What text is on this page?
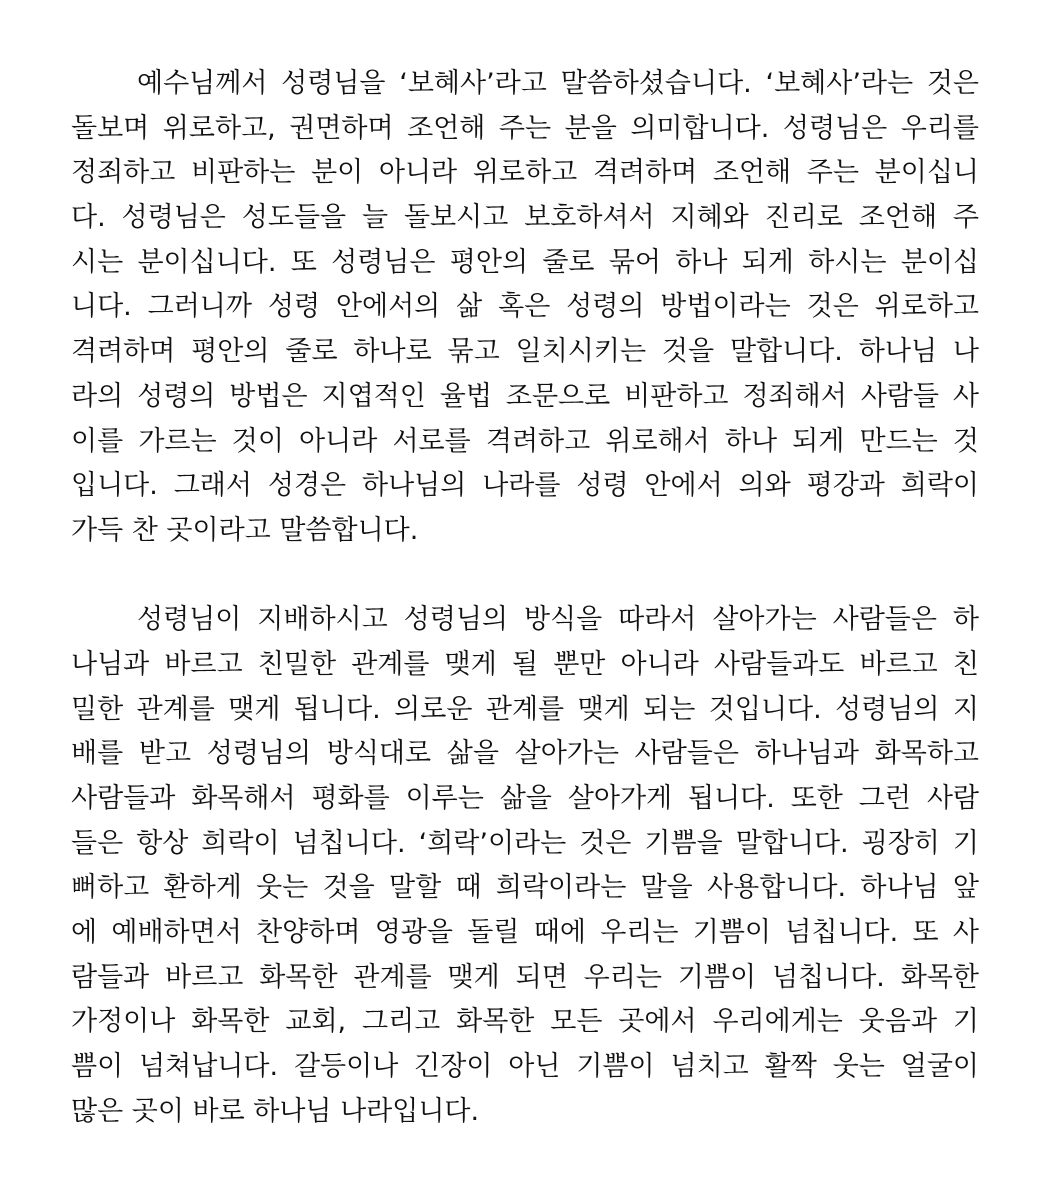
예수님께서 성령님을 ‘보혜사’라고 말씀하셨습니다. ‘보혜사’라는 것은
돌보며 위로하고, 권면하며 조언해 주는 분을 의미합니다. 성령님은 우리를
정죄하고 비판하는 분이 아니라 위로하고 격려하며 조언해 주는 분이십니
다. 성령님은 성도들을 늘 돌보시고 보호하셔서 지혜와 진리로 조언해 주
시는 분이십니다. 또 성령님은 평안의 줄로 묶어 하나 되게 하시는 분이십
니다. 그러니까 성령 안에서의 삶 혹은 성령의 방법이라는 것은 위로하고
격려하며 평안의 줄로 하나로 묶고 일치시키는 것을 말합니다. 하나님 나
라의 성령의 방법은 지엽적인 율법 조문으로 비판하고 정죄해서 사람들 사
이를 가르는 것이 아니라 서로를 격려하고 위로해서 하나 되게 만드는 것
입니다. 그래서 성경은 하나님의 나라를 성령 안에서 의와 평강과 희락이
가득 찬 곳이라고 말씀합니다.
성령님이 지배하시고 성령님의 방식을 따라서 살아가는 사람들은 하
나님과 바르고 친밀한 관계를 맺게 될 뿐만 아니라 사람들과도 바르고 친
밀한 관계를 맺게 됩니다. 의로운 관계를 맺게 되는 것입니다. 성령님의 지
배를 받고 성령님의 방식대로 삶을 살아가는 사람들은 하나님과 화목하고
사람들과 화목해서 평화를 이루는 삶을 살아가게 됩니다. 또한 그런 사람
들은 항상 희락이 넘칩니다. ‘희락’이라는 것은 기쁨을 말합니다. 굉장히 기
뻐하고 환하게 웃는 것을 말할 때 희락이라는 말을 사용합니다. 하나님 앞
에 예배하면서 찬양하며 영광을 돌릴 때에 우리는 기쁨이 넘칩니다. 또 사
람들과 바르고 화목한 관계를 맺게 되면 우리는 기쁨이 넘칩니다. 화목한
가정이나 화목한 교회, 그리고 화목한 모든 곳에서 우리에게는 웃음과 기
쁨이 넘쳐납니다. 갈등이나 긴장이 아닌 기쁨이 넘치고 활짝 웃는 얼굴이
많은 곳이 바로 하나님 나라입니다.
